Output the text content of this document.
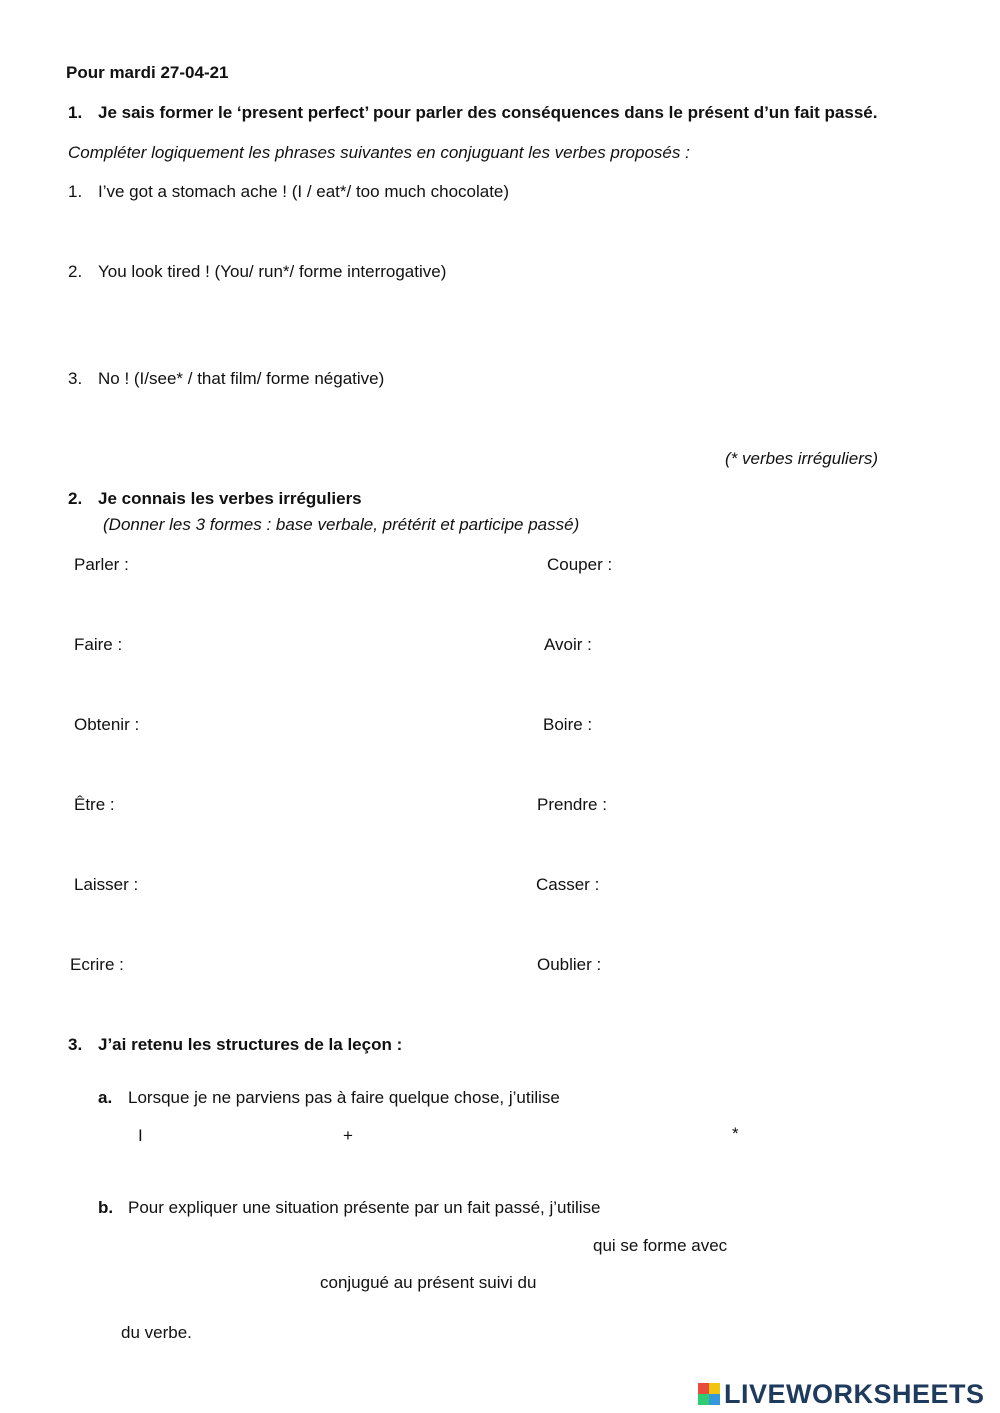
Pour mardi 27-04-21
1. Je sais former le ‘present perfect’ pour parler des conséquences dans le présent d’un fait passé.
Compléter logiquement les phrases suivantes en conjuguant les verbes proposés :
1. I’ve got a stomach ache ! (I / eat*/ too much chocolate)
2. You look tired ! (You/ run*/ forme interrogative)
3. No ! (I/see* / that film/ forme négative)
(* verbes irréguliers)
2. Je connais les verbes irréguliers
(Donner les 3 formes : base verbale, prétérit et participe passé)
Parler :	Couper :
Faire :	Avoir :
Obtenir :	Boire :
Être :	Prendre :
Laisser :	Casser :
Ecrire :	Oublier :
3. J’ai retenu les structures de la leçon :
a. Lorsque je ne parviens pas à faire quelque chose, j’utilise
I	+	*
b. Pour expliquer une situation présente par un fait passé, j’utilise
qui se forme avec
conjugué au présent suivi du
du verbe.
LIVEWORKSHEETS
